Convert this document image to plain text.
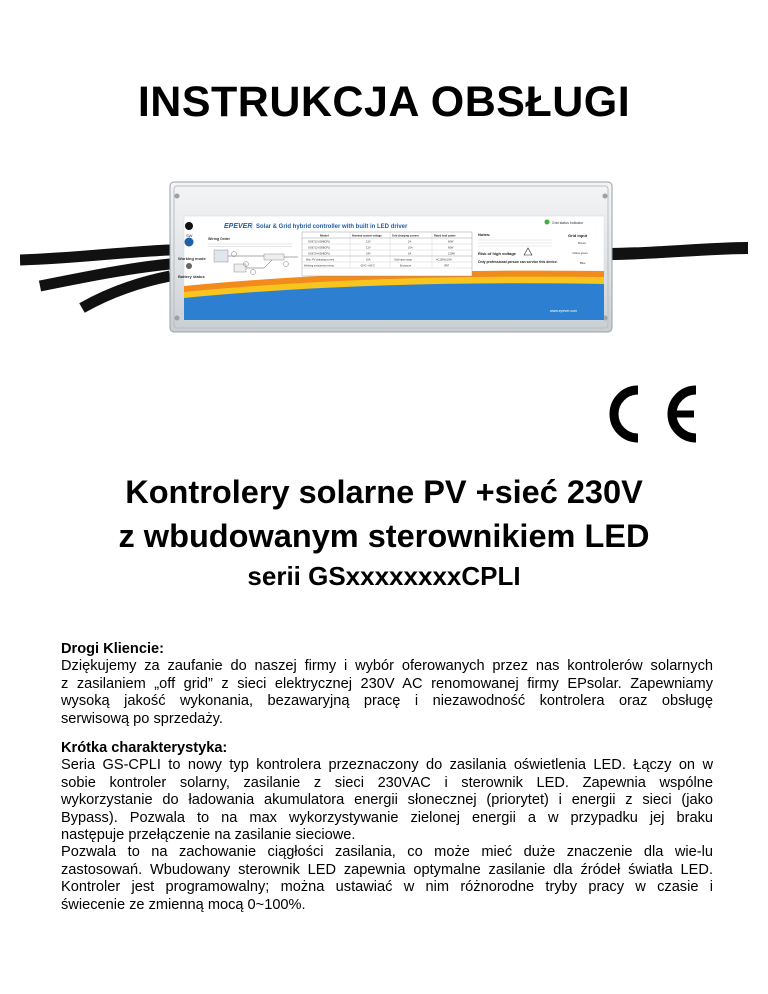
INSTRUKCJA OBSŁUGI
SW
Working mode
Battery status
EPEVER Solar & Grid hybrid controller with built in LED driver
Grid status indicator
Wiring Order
Model	Nominal system voltage	Grid charging current	Rated load power
GS6712-000BCPLI	12V	2A	60W
GS6712-000BCPLI	12V	10A	60W
GS6724-000BCPLI	24V	5A	120W
Max. PV charging current	10A	Grid input range	AC100V±10%
Working environment temp.	-35°C~+60°C	Enclosure	IP67
Notes:
Risk of high voltage
Only professional person can service this device.
Grid input
Brown
Yellow green
Blue
www.epever.com
Kontrolery solarne PV +sieć 230V
z wbudowanym sterownikiem LED
serii GSxxxxxxxxCPLI
Drogi Kliencie:
Dziękujemy za zaufanie do naszej firmy i wybór oferowanych przez nas kontrolerów solarnych
z zasilaniem „off grid” z sieci elektrycznej 230V AC renomowanej firmy EPsolar. Zapewniamy
wysoką jakość wykonania, bezawaryjną pracę i niezawodność kontrolera oraz obsługę
serwisową po sprzedaży.
Krótka charakterystyka:
Seria GS-CPLI to nowy typ kontrolera przeznaczony do zasilania oświetlenia LED. Łączy on w
sobie kontroler solarny, zasilanie z sieci 230VAC i sterownik LED. Zapewnia wspólne
wykorzystanie do ładowania akumulatora energii słonecznej (priorytet) i energii z sieci (jako
Bypass). Pozwala to na max wykorzystywanie zielonej energii a w przypadku jej braku
następuje przełączenie na zasilanie sieciowe.
Pozwala to na zachowanie ciągłości zasilania, co może mieć duże znaczenie dla wie-lu
zastosowań. Wbudowany sterownik LED zapewnia optymalne zasilanie dla źródeł światła LED.
Kontroler jest programowalny; można ustawiać w nim różnorodne tryby pracy w czasie i
świecenie ze zmienną mocą 0~100%.
